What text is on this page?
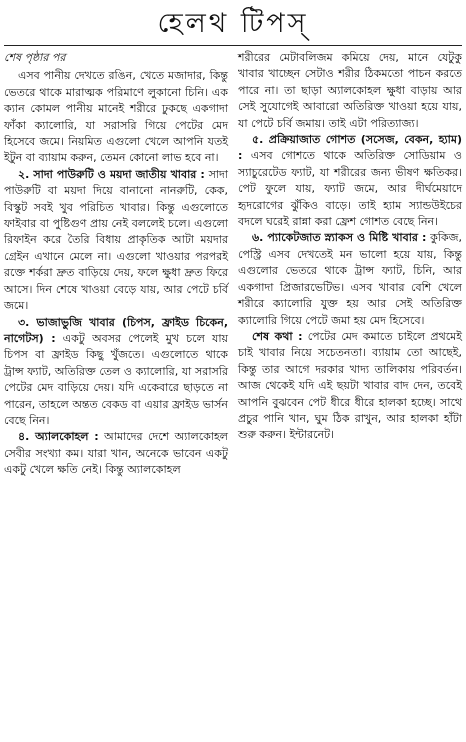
হেলথ টিপস্‌

শেষ পৃষ্ঠার পর

এসব পানীয় দেখতে রঙিন, খেতে মজাদার, কিন্তু ভেতরে থাকে মারাত্মক পরিমাণে লুকানো চিনি। এক ক্যান কোমল পানীয় মানেই শরীরে ঢুকছে একগাদা ফাঁকা ক্যালোরি, যা সরাসরি গিয়ে পেটের মেদ হিসেবে জমে। নিয়মিত এগুলো খেলে আপনি যতই ইটুন বা ব্যায়াম করুন, তেমন কোনো লাভ হবে না।

২. সাদা পাউরুটি ও ময়দা জাতীয় খাবার : সাদা পাউরুটি বা ময়দা দিয়ে বানানো নানরুটি, কেক, বিস্কুট সবই খুব পরিচিত খাবার। কিন্তু এগুলোতে ফাইবার বা পুষ্টিগুণ প্রায় নেই বললেই চলে। এগুলো রিফাইন করে তৈরি বিধায় প্রাকৃতিক আটা ময়দার গ্রেইন এখানে মেলে না। এগুলো খাওয়ার পরপরই রক্তে শর্করা দ্রুত বাড়িয়ে দেয়, ফলে ক্ষুধা দ্রুত ফিরে আসে। দিন শেষে খাওয়া বেড়ে যায়, আর পেটে চর্বি জমে।

৩. ভাজাভুজি খাবার (চিপস, ফ্রাইড চিকেন, নাগেটস) : একটু অবসর পেলেই মুখ চলে যায় চিপস বা ফ্রাইড কিছু খুঁজতে। এগুলোতে থাকে ট্রান্স ফ্যাট, অতিরিক্ত তেল ও ক্যালোরি, যা সরাসরি পেটের মেদ বাড়িয়ে দেয়। যদি একেবারে ছাড়তে না পারেন, তাহলে অন্তত বেকড বা এয়ার ফ্রাইড ভার্সন বেছে নিন।

৪. অ্যালকোহল : আমাদের দেশে অ্যালকোহল সেবীর সংখ্যা কম। যারা খান, অনেকে ভাবেন একটু একটু খেলে ক্ষতি নেই। কিন্তু অ্যালকোহল

শরীরের মেটাবলিজম কমিয়ে দেয়, মানে যেটুকু খাবার খাচ্ছেন সেটাও শরীর ঠিকমতো পাচন করতে পারে না। তা ছাড়া অ্যালকোহল ক্ষুধা বাড়ায় আর সেই সুযোগেই আবারো অতিরিক্ত খাওয়া হয়ে যায়, যা পেটে চর্বি জমায়। তাই এটা পরিত্যাজ্য।

৫. প্রক্রিয়াজাত গোশত (সসেজ, বেকন, হ্যাম) : এসব গোশতে থাকে অতিরিক্ত সোডিয়াম ও স্যাচুরেটেড ফ্যাট, যা শরীরের জন্য ভীষণ ক্ষতিকর। পেট ফুলে যায়, ফ্যাট জমে, আর দীর্ঘমেয়াদে হৃদরোগের ঝুঁকিও বাড়ে। তাই হ্যাম স্যান্ডউইচের বদলে ঘরেই রান্না করা ফ্রেশ গোশত বেছে নিন।

৬. প্যাকেটজাত স্ন্যাকস ও মিষ্টি খাবার : কুকিজ, পেস্ট্রি এসব দেখতেই মন ভালো হয়ে যায়, কিন্তু এগুলোর ভেতরে থাকে ট্রান্স ফ্যাট, চিনি, আর একগাদা প্রিজারভেটিভ। এসব খাবার বেশি খেলে শরীরে ক্যালোরি যুক্ত হয় আর সেই অতিরিক্ত ক্যালোরি গিয়ে পেটে জমা হয় মেদ হিসেবে।

শেষ কথা : পেটের মেদ কমাতে চাইলে প্রথমেই চাই খাবার নিয়ে সচেতনতা। ব্যায়াম তো আছেই, কিন্তু তার আগে দরকার খাদ্য তালিকায় পরিবর্তন। আজ থেকেই যদি এই ছয়টা খাবার বাদ দেন, তবেই আপনি বুঝবেন পেট ধীরে ধীরে হালকা হচ্ছে। সাথে প্রচুর পানি খান, ঘুম ঠিক রাখুন, আর হালকা হাঁটা শুরু করুন। ইন্টারনেট।
